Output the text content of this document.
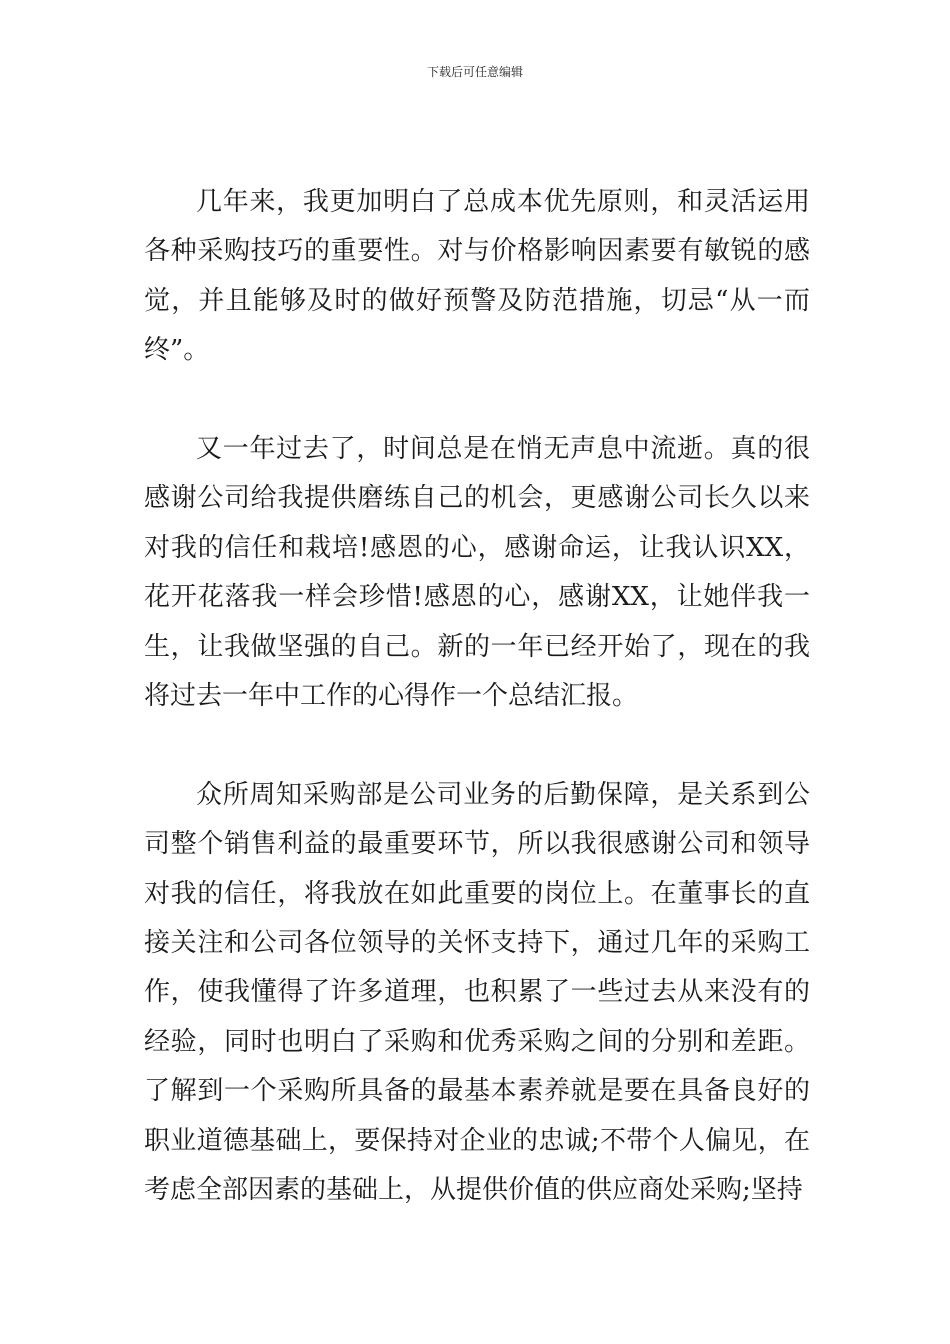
下载后可任意编辑

几年来，我更加明白了总成本优先原则，和灵活运用各种采购技巧的重要性。对与价格影响因素要有敏锐的感觉，并且能够及时的做好预警及防范措施，切忌“从一而终”。

又一年过去了，时间总是在悄无声息中流逝。真的很感谢公司给我提供磨练自己的机会，更感谢公司长久以来对我的信任和栽培!感恩的心，感谢命运，让我认识XX，花开花落我一样会珍惜!感恩的心，感谢XX，让她伴我一生，让我做坚强的自己。新的一年已经开始了，现在的我将过去一年中工作的心得作一个总结汇报。

众所周知采购部是公司业务的后勤保障，是关系到公司整个销售利益的最重要环节，所以我很感谢公司和领导对我的信任，将我放在如此重要的岗位上。在董事长的直接关注和公司各位领导的关怀支持下，通过几年的采购工作，使我懂得了许多道理，也积累了一些过去从来没有的经验，同时也明白了采购和优秀采购之间的分别和差距。了解到一个采购所具备的最基本素养就是要在具备良好的职业道德基础上，要保持对企业的忠诚;不带个人偏见，在考虑全部因素的基础上，从提供价值的供应商处采购;坚持
